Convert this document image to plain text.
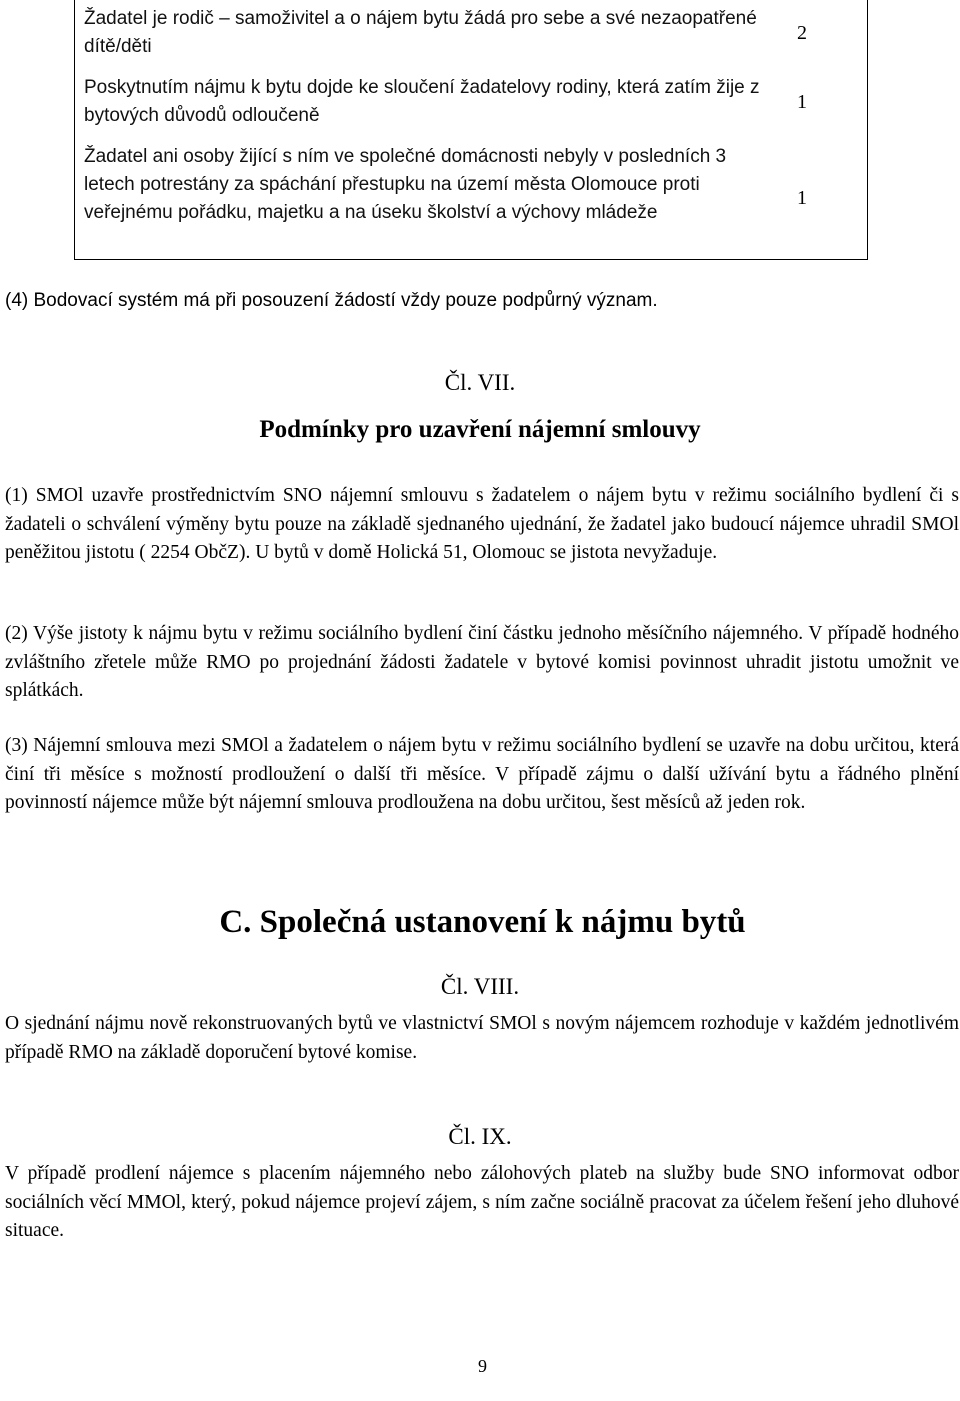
Žadatel je rodič – samoživitel a o nájem bytu žádá pro sebe a své nezaopatřené dítě/děti
2
Poskytnutím nájmu k bytu dojde ke sloučení žadatelovy rodiny, která zatím žije z bytových důvodů odloučeně
1
Žadatel ani osoby žijící s ním ve společné domácnosti nebyly v posledních 3 letech potrestány za spáchání přestupku na území města Olomouce proti veřejnému pořádku, majetku a na úseku školství a výchovy mládeže
1
(4) Bodovací systém má při posouzení žádostí vždy pouze podpůrný význam.
Čl. VII.
Podmínky pro uzavření nájemní smlouvy
(1) SMOl uzavře prostřednictvím SNO nájemní smlouvu s žadatelem o nájem bytu v režimu sociálního bydlení či s žadateli o schválení výměny bytu pouze na základě sjednaného ujednání, že žadatel jako budoucí nájemce uhradil SMOl peněžitou jistotu ( 2254 ObčZ). U bytů v domě Holická 51, Olomouc se jistota nevyžaduje.
(2) Výše jistoty k nájmu bytu v režimu sociálního bydlení činí částku jednoho měsíčního nájemného. V případě hodného zvláštního zřetele může RMO po projednání žádosti žadatele v bytové komisi povinnost uhradit jistotu umožnit ve splátkách.
(3) Nájemní smlouva mezi SMOl a žadatelem o nájem bytu v režimu sociálního bydlení se uzavře na dobu určitou, která činí tři měsíce s možností prodloužení o další tři měsíce. V případě zájmu o další užívání bytu a řádného plnění povinností nájemce může být nájemní smlouva prodloužena na dobu určitou, šest měsíců až jeden rok.
C. Společná ustanovení k nájmu bytů
Čl. VIII.
O sjednání nájmu nově rekonstruovaných bytů ve vlastnictví SMOl s novým nájemcem rozhoduje v každém jednotlivém případě RMO na základě doporučení bytové komise.
Čl. IX.
V případě prodlení nájemce s placením nájemného nebo zálohových plateb na služby bude SNO informovat odbor sociálních věcí MMOl, který, pokud nájemce projeví zájem, s ním začne sociálně pracovat za účelem řešení jeho dluhové situace.
9
